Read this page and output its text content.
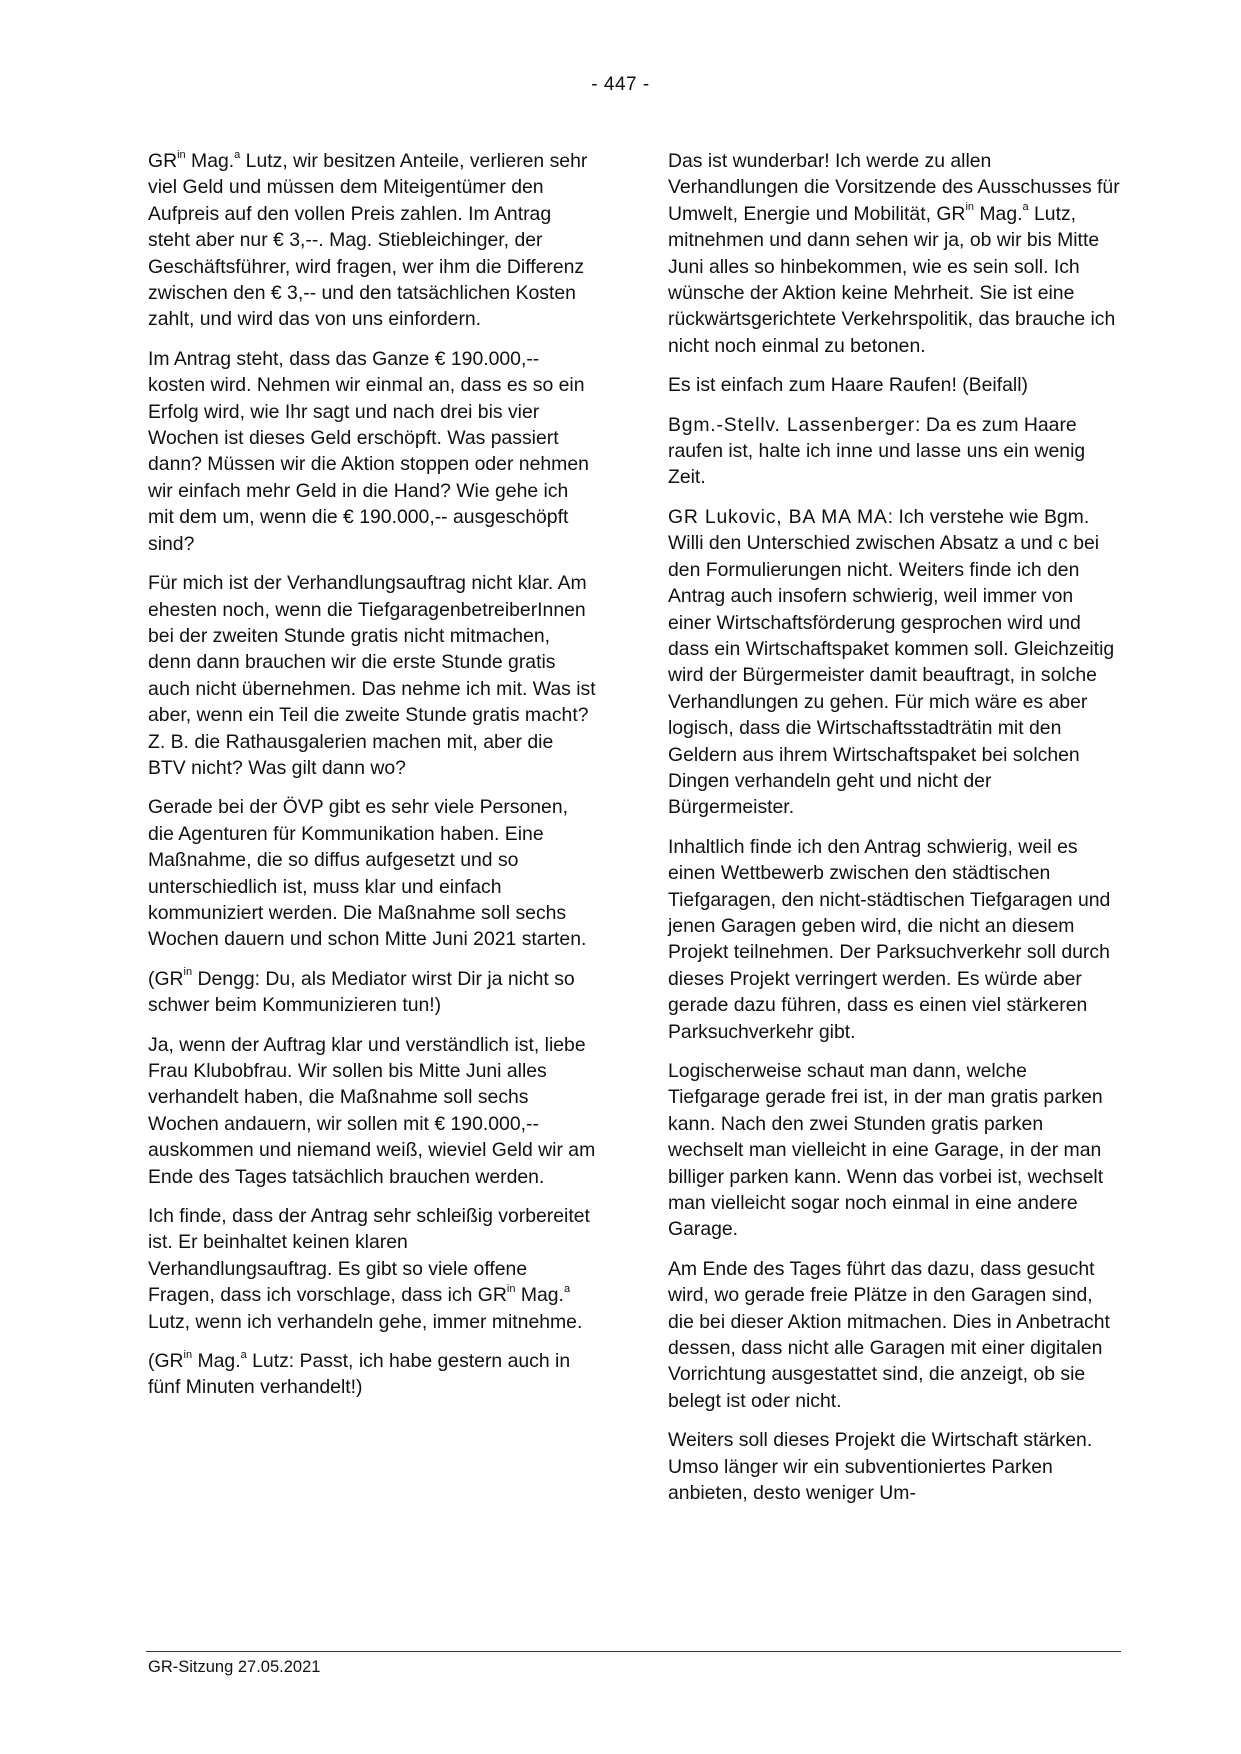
- 447 -

$GR^{in}$ Mag.$^a$ Lutz, wir besitzen Anteile, verlieren sehr viel Geld und müssen dem Miteigentümer den Aufpreis auf den vollen Preis zahlen. Im Antrag steht aber nur € 3,--. Mag. Stiebleichinger, der Geschäftsführer, wird fragen, wer ihm die Differenz zwischen den € 3,-- und den tatsächlichen Kosten zahlt, und wird das von uns einfordern.

Im Antrag steht, dass das Ganze € 190.000,-- kosten wird. Nehmen wir einmal an, dass es so ein Erfolg wird, wie Ihr sagt und nach drei bis vier Wochen ist dieses Geld erschöpft. Was passiert dann? Müssen wir die Aktion stoppen oder nehmen wir einfach mehr Geld in die Hand? Wie gehe ich mit dem um, wenn die € 190.000,-- ausgeschöpft sind?

Für mich ist der Verhandlungsauftrag nicht klar. Am ehesten noch, wenn die TiefgaragenbetreiberInnen bei der zweiten Stunde gratis nicht mitmachen, denn dann brauchen wir die erste Stunde gratis auch nicht übernehmen. Das nehme ich mit. Was ist aber, wenn ein Teil die zweite Stunde gratis macht? Z. B. die Rathausgalerien machen mit, aber die BTV nicht? Was gilt dann wo?

Gerade bei der ÖVP gibt es sehr viele Personen, die Agenturen für Kommunikation haben. Eine Maßnahme, die so diffus aufgesetzt und so unterschiedlich ist, muss klar und einfach kommuniziert werden. Die Maßnahme soll sechs Wochen dauern und schon Mitte Juni 2021 starten.

($GR^{in}$ Dengg: Du, als Mediator wirst Dir ja nicht so schwer beim Kommunizieren tun!)

Ja, wenn der Auftrag klar und verständlich ist, liebe Frau Klubobfrau. Wir sollen bis Mitte Juni alles verhandelt haben, die Maßnahme soll sechs Wochen andauern, wir sollen mit € 190.000,-- auskommen und niemand weiß, wieviel Geld wir am Ende des Tages tatsächlich brauchen werden.

Ich finde, dass der Antrag sehr schleißig vorbereitet ist. Er beinhaltet keinen klaren Verhandlungsauftrag. Es gibt so viele offene Fragen, dass ich vorschlage, dass ich $GR^{in}$ Mag.$^a$ Lutz, wenn ich verhandeln gehe, immer mitnehme.

($GR^{in}$ Mag.$^a$ Lutz: Passt, ich habe gestern auch in fünf Minuten verhandelt!)

Das ist wunderbar! Ich werde zu allen Verhandlungen die Vorsitzende des Ausschusses für Umwelt, Energie und Mobilität, $GR^{in}$ Mag.$^a$ Lutz, mitnehmen und dann sehen wir ja, ob wir bis Mitte Juni alles so hinbekommen, wie es sein soll. Ich wünsche der Aktion keine Mehrheit. Sie ist eine rückwärtsgerichtete Verkehrspolitik, das brauche ich nicht noch einmal zu betonen.

Es ist einfach zum Haare Raufen! (Beifall)

Bgm.-Stellv. Lassenberger: Da es zum Haare raufen ist, halte ich inne und lasse uns ein wenig Zeit.

GR Lukovic, BA MA MA: Ich verstehe wie Bgm. Willi den Unterschied zwischen Absatz a und c bei den Formulierungen nicht. Weiters finde ich den Antrag auch insofern schwierig, weil immer von einer Wirtschaftsförderung gesprochen wird und dass ein Wirtschaftspaket kommen soll. Gleichzeitig wird der Bürgermeister damit beauftragt, in solche Verhandlungen zu gehen. Für mich wäre es aber logisch, dass die Wirtschaftsstadträtin mit den Geldern aus ihrem Wirtschaftspaket bei solchen Dingen verhandeln geht und nicht der Bürgermeister.

Inhaltlich finde ich den Antrag schwierig, weil es einen Wettbewerb zwischen den städtischen Tiefgaragen, den nicht-städtischen Tiefgaragen und jenen Garagen geben wird, die nicht an diesem Projekt teilnehmen. Der Parksuchverkehr soll durch dieses Projekt verringert werden. Es würde aber gerade dazu führen, dass es einen viel stärkeren Parksuchverkehr gibt.

Logischerweise schaut man dann, welche Tiefgarage gerade frei ist, in der man gratis parken kann. Nach den zwei Stunden gratis parken wechselt man vielleicht in eine Garage, in der man billiger parken kann. Wenn das vorbei ist, wechselt man vielleicht sogar noch einmal in eine andere Garage.

Am Ende des Tages führt das dazu, dass gesucht wird, wo gerade freie Plätze in den Garagen sind, die bei dieser Aktion mitmachen. Dies in Anbetracht dessen, dass nicht alle Garagen mit einer digitalen Vorrichtung ausgestattet sind, die anzeigt, ob sie belegt ist oder nicht.

Weiters soll dieses Projekt die Wirtschaft stärken. Umso länger wir ein subventioniertes Parken anbieten, desto weniger Um-

GR-Sitzung 27.05.2021
